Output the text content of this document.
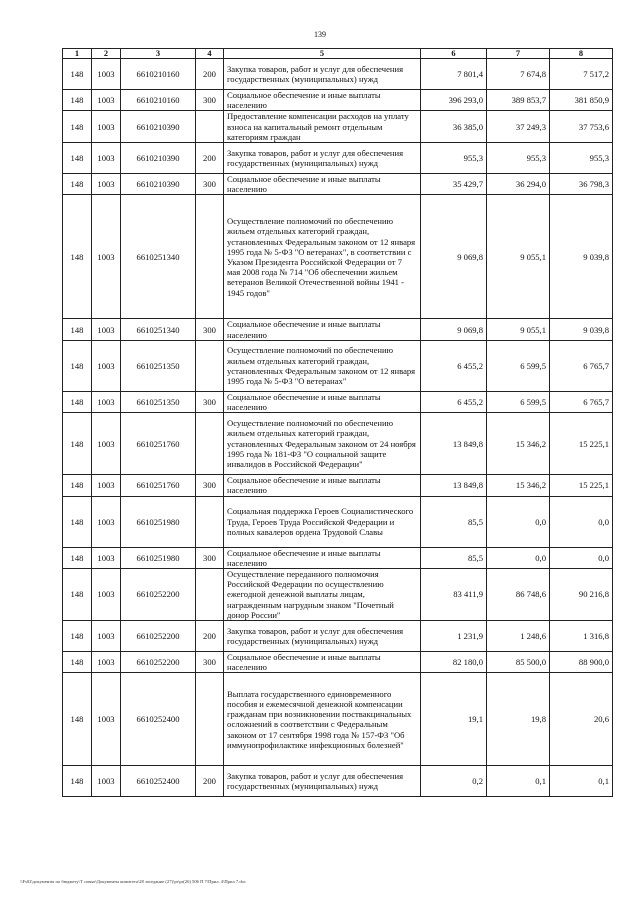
139
1	2	3	4	5	6	7	8
148	1003	6610210160	200	Закупка товаров, работ и услуг для обеспечения государственных (муниципальных) нужд	7 801,4	7 674,8	7 517,2
148	1003	6610210160	300	Социальное обеспечение и иные выплаты населению	396 293,0	389 853,7	381 850,9
148	1003	6610210390		Предоставление компенсации расходов на уплату взноса на капитальный ремонт отдельным категориям граждан	36 385,0	37 249,3	37 753,6
148	1003	6610210390	200	Закупка товаров, работ и услуг для обеспечения государственных (муниципальных) нужд	955,3	955,3	955,3
148	1003	6610210390	300	Социальное обеспечение и иные выплаты населению	35 429,7	36 294,0	36 798,3
148	1003	6610251340		Осуществление полномочий по обеспечению жильем отдельных категорий граждан, установленных Федеральным законом от 12 января 1995 года № 5-ФЗ "О ветеранах", в соответствии с Указом Президента Российской Федерации от 7 мая 2008 года № 714 "Об обеспечении жильем ветеранов Великой Отечественной войны 1941 - 1945 годов"	9 069,8	9 055,1	9 039,8
148	1003	6610251340	300	Социальное обеспечение и иные выплаты населению	9 069,8	9 055,1	9 039,8
148	1003	6610251350		Осуществление полномочий по обеспечению жильем отдельных категорий граждан, установленных Федеральным законом от 12 января 1995 года № 5-ФЗ "О ветеранах"	6 455,2	6 599,5	6 765,7
148	1003	6610251350	300	Социальное обеспечение и иные выплаты населению	6 455,2	6 599,5	6 765,7
148	1003	6610251760		Осуществление полномочий по обеспечению жильем отдельных категорий граждан, установленных Федеральным законом от 24 ноября 1995 года № 181-ФЗ "О социальной защите инвалидов в Российской Федерации"	13 849,8	15 346,2	15 225,1
148	1003	6610251760	300	Социальное обеспечение и иные выплаты населению	13 849,8	15 346,2	15 225,1
148	1003	6610251980		Социальная поддержка Героев Социалистического Труда, Героев Труда Российской Федерации и полных кавалеров ордена Трудовой Славы	85,5	0,0	0,0
148	1003	6610251980	300	Социальное обеспечение и иные выплаты населению	85,5	0,0	0,0
148	1003	6610252200		Осуществление переданного полномочия Российской Федерации по осуществлению ежегодной денежной выплаты лицам, награжденным нагрудным знаком "Почетный донор России"	83 411,9	86 748,6	90 216,8
148	1003	6610252200	200	Закупка товаров, работ и услуг для обеспечения государственных (муниципальных) нужд	1 231,9	1 248,6	1 316,8
148	1003	6610252200	300	Социальное обеспечение и иные выплаты населению	82 180,0	85 500,0	88 900,0
148	1003	6610252400		Выплата государственного единовременного пособия и ежемесячной денежной компенсации гражданам при возникновении поствакцинальных осложнений в соответствии с Федеральным законом от 17 сентября 1998 года № 157-ФЗ "Об иммунопрофилактике инфекционных болезней"	19,1	19,8	20,6
148	1003	6610252400	200	Закупка товаров, работ и услуг для обеспечения государственных (муниципальных) нужд	0,2	0,1	0,1
\\Fs02\документы по бюджету\Т совые\Документы комитета\28 заседание (27)\pr\pr(26) 506 П 7\Прил. 4\Прил 7.doc
